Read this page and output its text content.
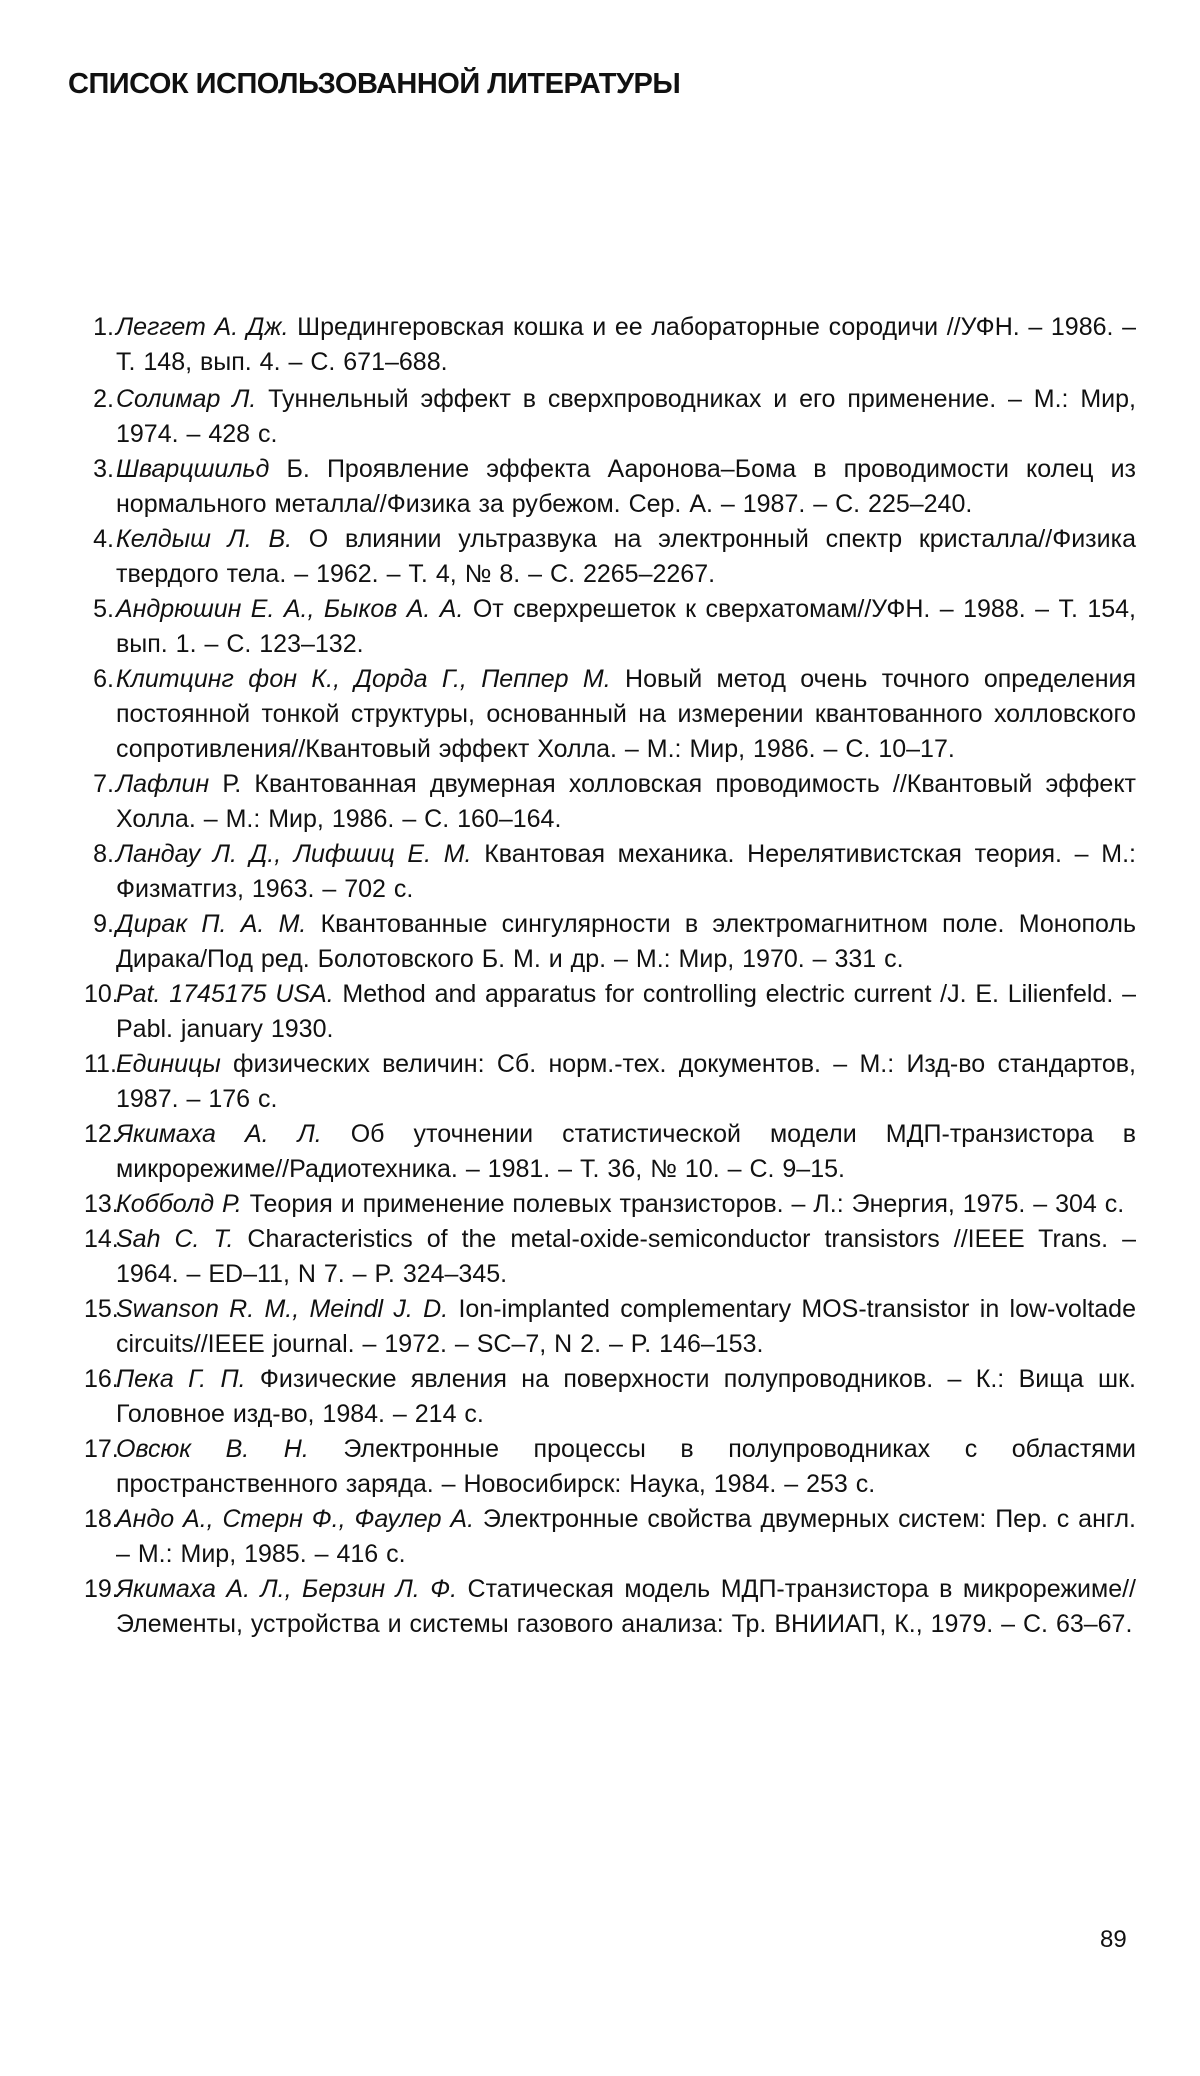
СПИСОК ИСПОЛЬЗОВАННОЙ ЛИТЕРАТУРЫ
1. Леггет А. Дж. Шредингеровская кошка и ее лабораторные сородичи //УФН. – 1986. – Т. 148, вып. 4. – С. 671–688.
2. Солимар Л. Туннельный эффект в сверхпроводниках и его применение. – М.: Мир, 1974. – 428 с.
3. Шварцшильд Б. Проявление эффекта Ааронова–Бома в проводимости колец из нормального металла//Физика за рубежом. Сер. А. – 1987. – С. 225–240.
4. Келдыш Л. В. О влиянии ультразвука на электронный спектр кристалла//Физика твердого тела. – 1962. – Т. 4, № 8. – С. 2265–2267.
5. Андрюшин Е. А., Быков А. А. От сверхрешеток к сверхатомам//УФН. – 1988. – Т. 154, вып. 1. – С. 123–132.
6. Клитцинг фон К., Дорда Г., Пеппер М. Новый метод очень точного определения постоянной тонкой структуры, основанный на измерении квантованного холловского сопротивления//Квантовый эффект Холла. – М.: Мир, 1986. – С. 10–17.
7. Лафлин Р. Квантованная двумерная холловская проводимость //Квантовый эффект Холла. – М.: Мир, 1986. – С. 160–164.
8. Ландау Л. Д., Лифшиц Е. М. Квантовая механика. Нерелятивистская теория. – М.: Физматгиз, 1963. – 702 с.
9. Дирак П. А. М. Квантованные сингулярности в электромагнитном поле. Монополь Дирака/Под ред. Болотовского Б. М. и др. – М.: Мир, 1970. – 331 с.
10.
Pat. 1745175 USA. Method and apparatus for controlling electric current /J. E. Lilienfeld. – Pabl. january 1930.
11. Единицы физических величин: Сб. норм.-тех. документов. – М.: Изд-во стандартов, 1987. – 176 с.
12.
Якимаха А. Л. Об уточнении статистической модели МДП-транзистора в микрорежиме//Радиотехника. – 1981. – Т. 36, № 10. – С. 9–15.
13.
Кобболд Р. Теория и применение полевых транзисторов. – Л.: Энергия, 1975. – 304 с.
14.
Sah C. T. Characteristics of the metal-oxide-semiconductor transistors //IEEE Trans. – 1964. – ED–11, N 7. – P. 324–345.
15.
Swanson R. M., Meindl J. D. Ion-implanted complementary MOS-transistor in low-voltade circuits//IEEE journal. – 1972. – SC–7, N 2. – P. 146–153.
16.
Пека Г. П. Физические явления на поверхности полупроводников. – К.: Вища шк. Головное изд-во, 1984. – 214 с.
17.
Овсюк В. Н. Электронные процессы в полупроводниках с областями пространственного заряда. – Новосибирск: Наука, 1984. – 253 с.
18.
Андо А., Стерн Ф., Фаулер А. Электронные свойства двумерных систем: Пер. с англ. – М.: Мир, 1985. – 416 с.
19.
Якимаха А. Л., Берзин Л. Ф. Статическая модель МДП-транзистора в микрорежиме//Элементы, устройства и системы газового анализа: Тр. ВНИИАП, К., 1979. – С. 63–67.
89
